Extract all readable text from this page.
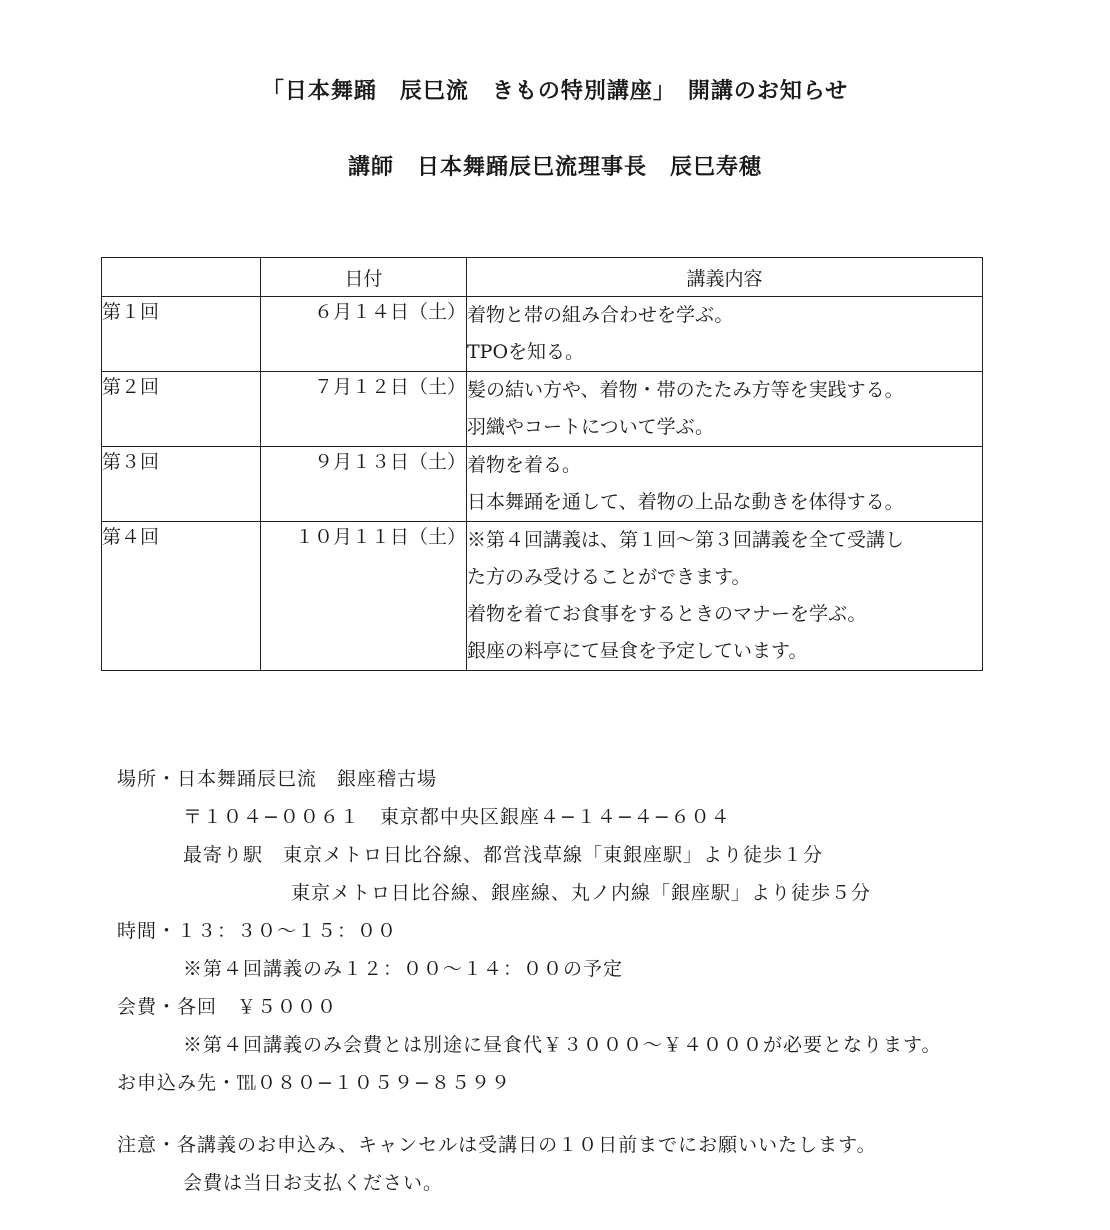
「日本舞踊　辰巳流　きもの特別講座」　開講のお知らせ
講師　日本舞踊辰巳流理事長　辰巳寿穂
	日付	講義内容
第１回	６月１４日（土）	着物と帯の組み合わせを学ぶ。
TPOを知る。

第２回	７月１２日（土）	髪の結い方や、着物・帯のたたみ方等を実践する。
羽織やコートについて学ぶ。

第３回	９月１３日（土）	着物を着る。
日本舞踊を通して、着物の上品な動きを体得する。

第４回	１０月１１日（土）	※第４回講義は、第１回〜第３回講義を全て受講し
た方のみ受けることができます。
着物を着てお食事をするときのマナーを学ぶ。
銀座の料亭にて昼食を予定しています。
場所・日本舞踊辰巳流　銀座稽古場
〒１０４−００６１　東京都中央区銀座４−１４−４−６０４
最寄り駅　東京メトロ日比谷線、都営浅草線「東銀座駅」より徒歩１分
東京メトロ日比谷線、銀座線、丸ノ内線「銀座駅」より徒歩５分
時間・１３：３０〜１５：００
※第４回講義のみ１２：００〜１４：００の予定
会費・各回　￥５０００
※第４回講義のみ会費とは別途に昼食代￥３０００〜￥４０００が必要となります。
お申込み先・℡０８０−１０５９−８５９９
注意・各講義のお申込み、キャンセルは受講日の１０日前までにお願いいたします。
会費は当日お支払ください。
